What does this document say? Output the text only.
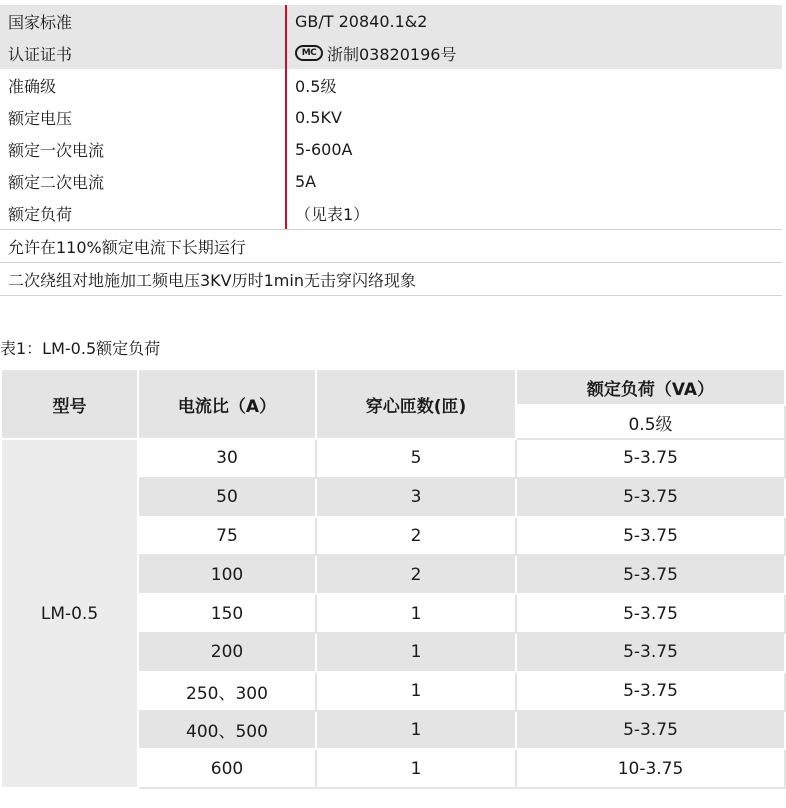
国家标准	GB/T 20840.1&2
认证证书	MC 浙制03820196号
准确级	0.5级
额定电压	0.5KV
额定一次电流	5-600A
额定二次电流	5A
额定负荷	（见表1）
允许在110%额定电流下长期运行
二次绕组对地施加工频电压3KV历时1min无击穿闪络现象
表1：LM-0.5额定负荷
型号	电流比（A）	穿心匝数(匝)	额定负荷（VA）
			0.5级
LM-0.5	30	5	5-3.75
	50	3	5-3.75
	75	2	5-3.75
	100	2	5-3.75
	150	1	5-3.75
	200	1	5-3.75
	250、300	1	5-3.75
	400、500	1	5-3.75
	600	1	10-3.75
